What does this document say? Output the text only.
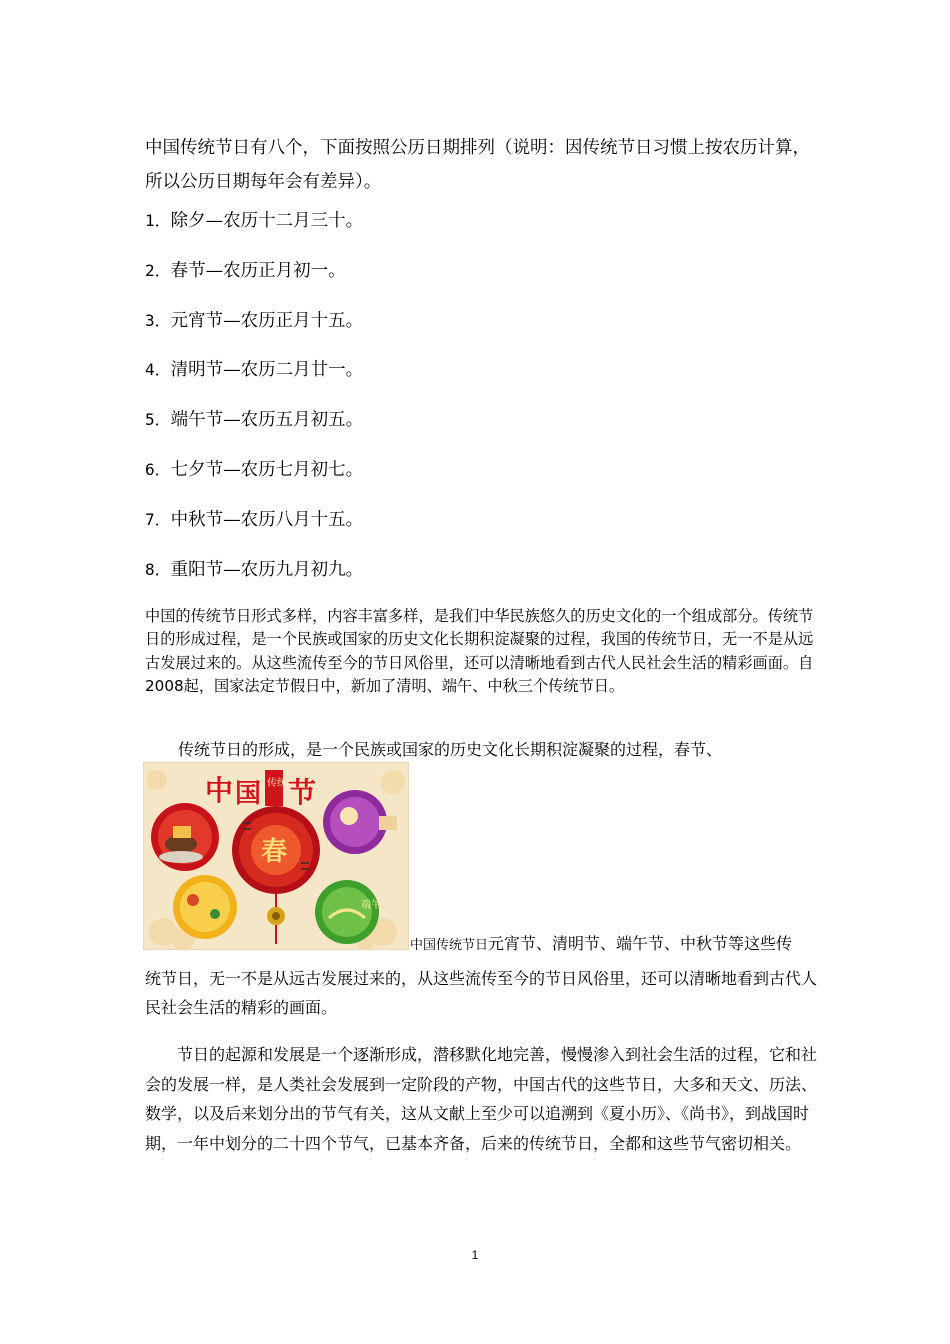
中国传统节日有八个，下面按照公历日期排列（说明：因传统节日习惯上按农历计算，所以公历日期每年会有差异）。

1．除夕—农历十二月三十。
2．春节—农历正月初一。
3．元宵节—农历正月十五。
4．清明节—农历二月廿一。
5．端午节—农历五月初五。
6．七夕节—农历七月初七。
7．中秋节—农历八月十五。
8．重阳节—农历九月初九。

中国的传统节日形式多样，内容丰富多样，是我们中华民族悠久的历史文化的一个组成部分。传统节日的形成过程，是一个民族或国家的历史文化长期积淀凝聚的过程，我国的传统节日，无一不是从远古发展过来的。从这些流传至今的节日风俗里，还可以清晰地看到古代人民社会生活的精彩画面。自2008起，国家法定节假日中，新加了清明、端午、中秋三个传统节日。

传统节日的形成，是一个民族或国家的历史文化长期积淀凝聚的过程，春节、

中 国 传统 节
春
端午
中国传统节日元宵节、清明节、端午节、中秋节等这些传

统节日，无一不是从远古发展过来的，从这些流传至今的节日风俗里，还可以清晰地看到古代人民社会生活的精彩的画面。

节日的起源和发展是一个逐渐形成，潜移默化地完善，慢慢渗入到社会生活的过程，它和社会的发展一样，是人类社会发展到一定阶段的产物，中国古代的这些节日，大多和天文、历法、数学，以及后来划分出的节气有关，这从文献上至少可以追溯到《夏小历》、《尚书》，到战国时期，一年中划分的二十四个节气，已基本齐备，后来的传统节日，全都和这些节气密切相关。

1
